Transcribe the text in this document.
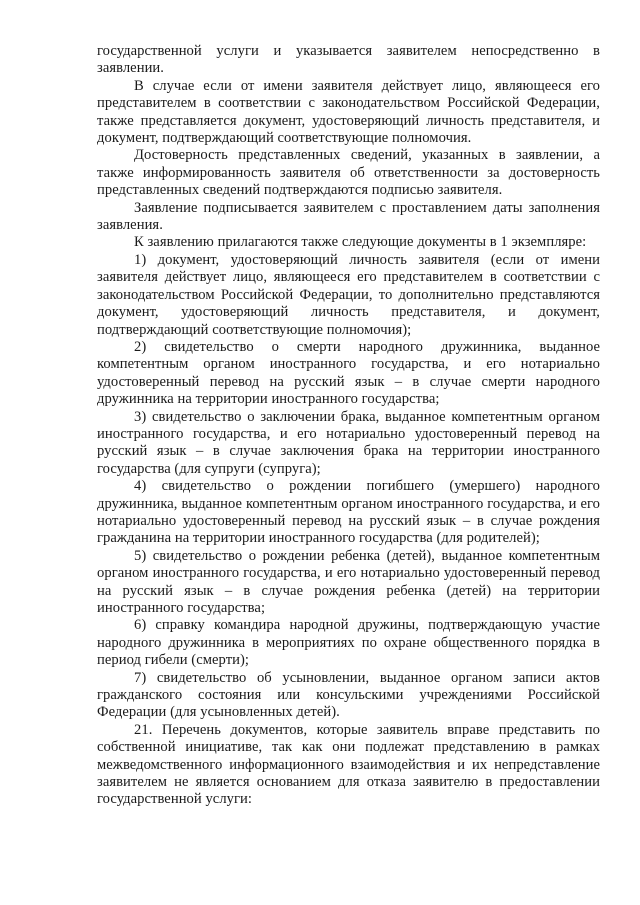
государственной услуги и указывается заявителем непосредственно в заявлении.

В случае если от имени заявителя действует лицо, являющееся его представителем в соответствии с законодательством Российской Федерации, также представляется документ, удостоверяющий личность представителя, и документ, подтверждающий соответствующие полномочия.

Достоверность представленных сведений, указанных в заявлении, а также информированность заявителя об ответственности за достоверность представленных сведений подтверждаются подписью заявителя.

Заявление подписывается заявителем с проставлением даты заполнения заявления.

К заявлению прилагаются также следующие документы в 1 экземпляре:

1) документ, удостоверяющий личность заявителя (если от имени заявителя действует лицо, являющееся его представителем в соответствии с законодательством Российской Федерации, то дополнительно представляются документ, удостоверяющий личность представителя, и документ, подтверждающий соответствующие полномочия);

2) свидетельство о смерти народного дружинника, выданное компетентным органом иностранного государства, и его нотариально удостоверенный перевод на русский язык – в случае смерти народного дружинника на территории иностранного государства;

3) свидетельство о заключении брака, выданное компетентным органом иностранного государства, и его нотариально удостоверенный перевод на русский язык – в случае заключения брака на территории иностранного государства (для супруги (супруга);

4) свидетельство о рождении погибшего (умершего) народного дружинника, выданное компетентным органом иностранного государства, и его нотариально удостоверенный перевод на русский язык – в случае рождения гражданина на территории иностранного государства (для родителей);

5) свидетельство о рождении ребенка (детей), выданное компетентным органом иностранного государства, и его нотариально удостоверенный перевод на русский язык – в случае рождения ребенка (детей) на территории иностранного государства;

6) справку командира народной дружины, подтверждающую участие народного дружинника в мероприятиях по охране общественного порядка в период гибели (смерти);

7) свидетельство об усыновлении, выданное органом записи актов гражданского состояния или консульскими учреждениями Российской Федерации (для усыновленных детей).

21. Перечень документов, которые заявитель вправе представить по собственной инициативе, так как они подлежат представлению в рамках межведомственного информационного взаимодействия и их непредставление заявителем не является основанием для отказа заявителю в предоставлении государственной услуги:
